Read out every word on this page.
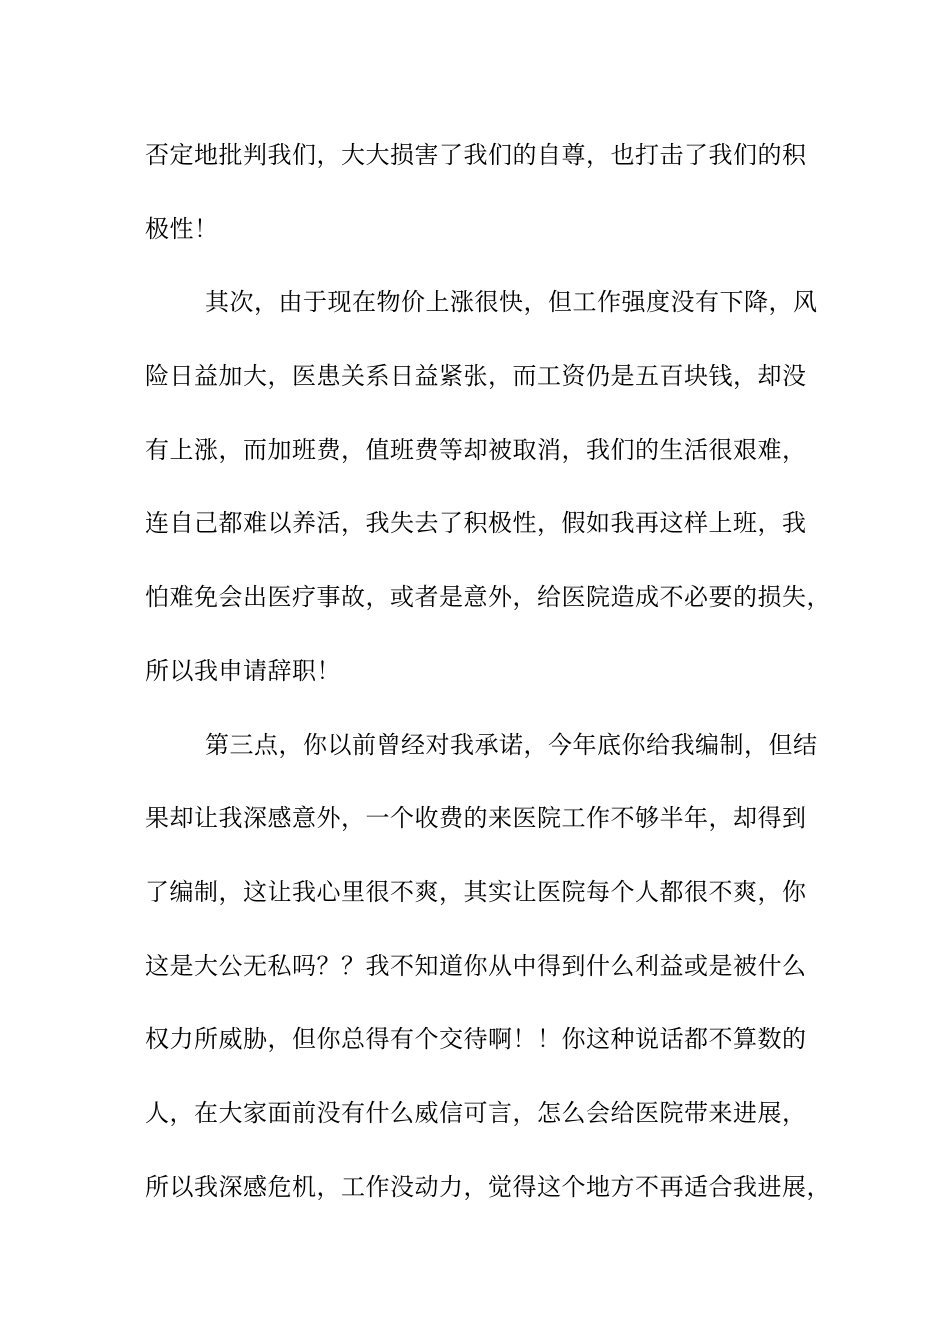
否定地批判我们，大大损害了我们的自尊，也打击了我们的积
极性！
其次，由于现在物价上涨很快，但工作强度没有下降，风
险日益加大，医患关系日益紧张，而工资仍是五百块钱，却没
有上涨，而加班费，值班费等却被取消，我们的生活很艰难，
连自己都难以养活，我失去了积极性，假如我再这样上班，我
怕难免会出医疗事故，或者是意外，给医院造成不必要的损失，
所以我申请辞职！
第三点，你以前曾经对我承诺，今年底你给我编制，但结
果却让我深感意外，一个收费的来医院工作不够半年，却得到
了编制，这让我心里很不爽，其实让医院每个人都很不爽，你
这是大公无私吗？？我不知道你从中得到什么利益或是被什么
权力所威胁，但你总得有个交待啊！！你这种说话都不算数的
人，在大家面前没有什么威信可言，怎么会给医院带来进展，
所以我深感危机，工作没动力，觉得这个地方不再适合我进展，
